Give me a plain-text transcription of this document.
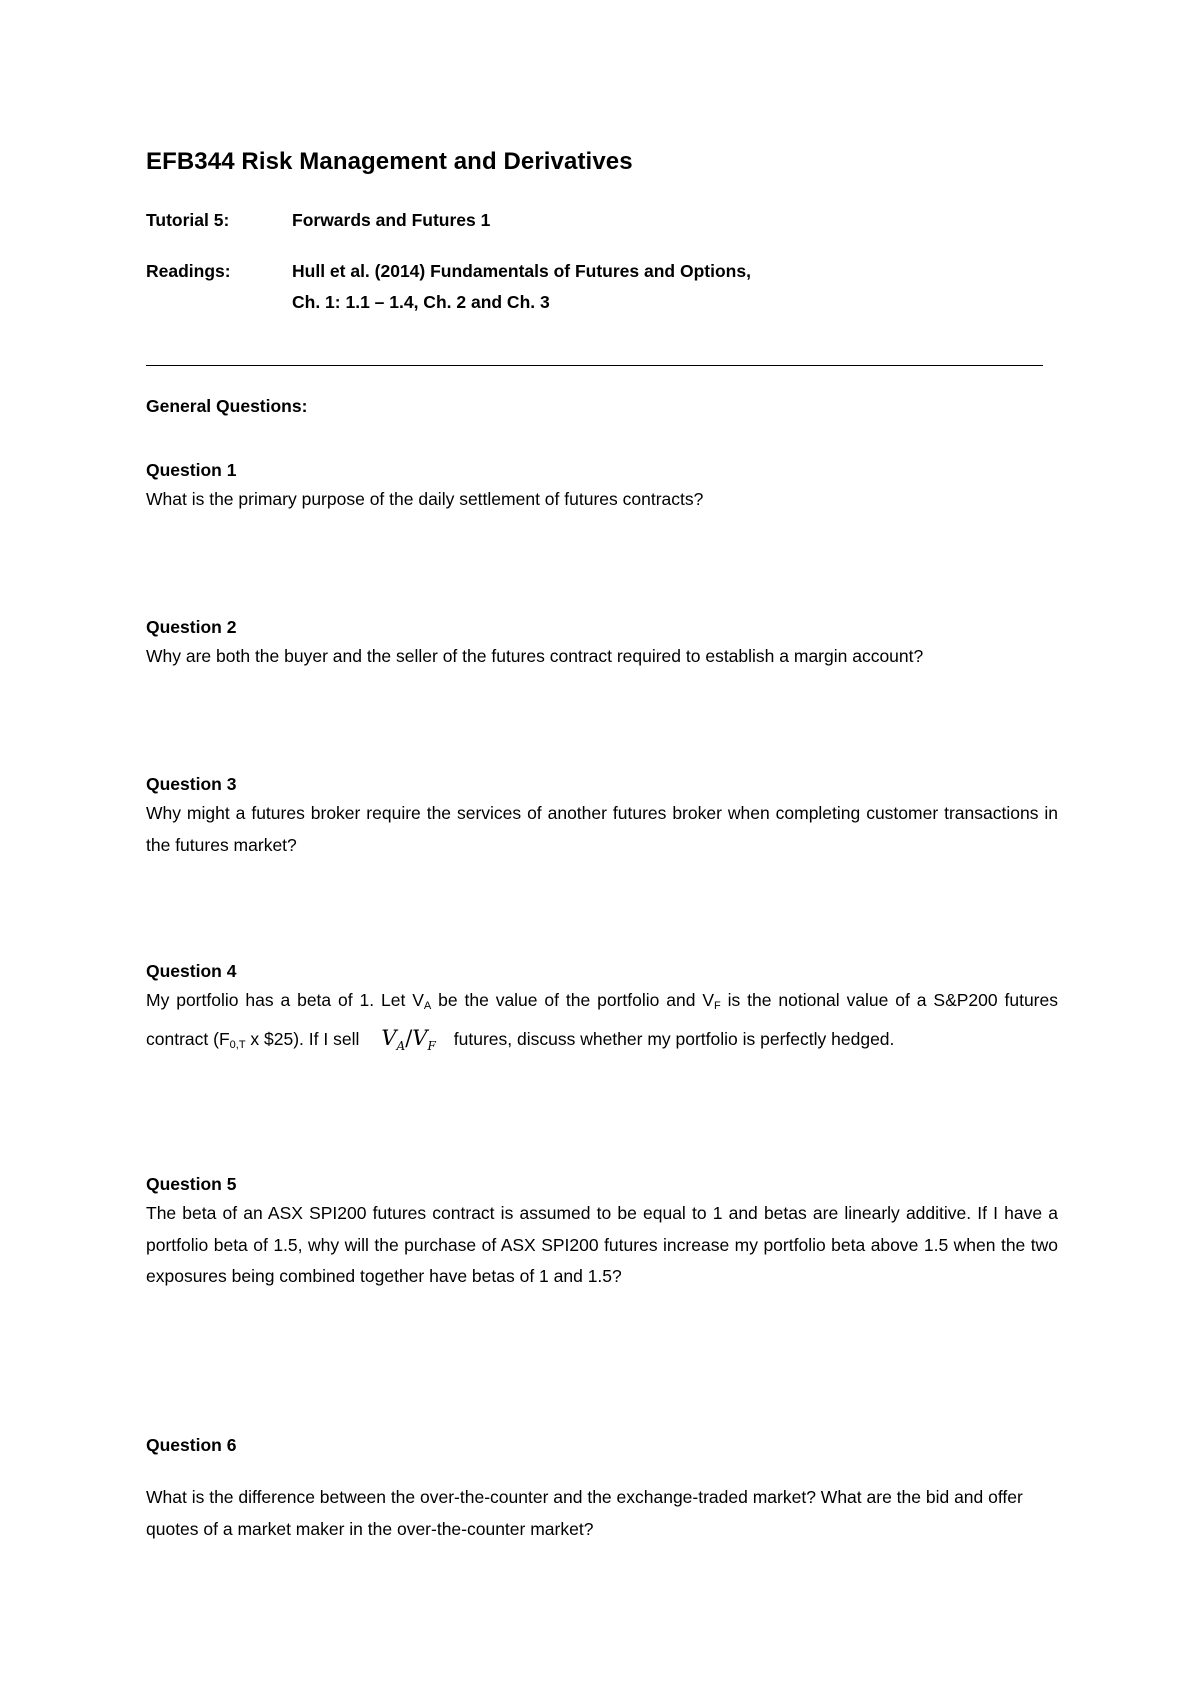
EFB344 Risk Management and Derivatives
Tutorial 5:	Forwards and Futures 1
Readings:	Hull et al. (2014) Fundamentals of Futures and Options,
Ch. 1: 1.1 – 1.4, Ch. 2 and Ch. 3
General Questions:
Question 1
What is the primary purpose of the daily settlement of futures contracts?
Question 2
Why are both the buyer and the seller of the futures contract required to establish a margin account?
Question 3
Why might a futures broker require the services of another futures broker when completing customer transactions in the futures market?
Question 4
My portfolio has a beta of 1. Let $V_A$ be the value of the portfolio and $V_F$ is the notional value of a S&P200 futures contract ($F_{0,T}$ x $25). If I sell $V_A/V_F$ futures, discuss whether my portfolio is perfectly hedged.
Question 5
The beta of an ASX SPI200 futures contract is assumed to be equal to 1 and betas are linearly additive. If I have a portfolio beta of 1.5, why will the purchase of ASX SPI200 futures increase my portfolio beta above 1.5 when the two exposures being combined together have betas of 1 and 1.5?
Question 6
What is the difference between the over-the-counter and the exchange-traded market? What are the bid and offer quotes of a market maker in the over-the-counter market?
